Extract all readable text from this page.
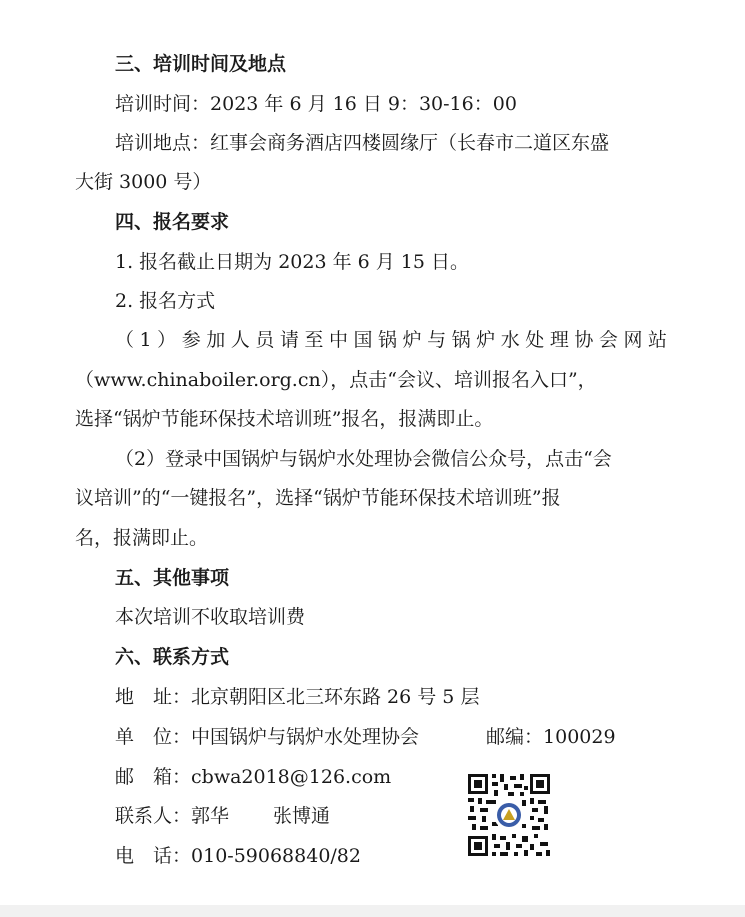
三、培训时间及地点
培训时间：2023 年 6 月 16 日 9：30-16：00
培训地点：红事会商务酒店四楼圆缘厅（长春市二道区东盛
大街 3000 号）
四、报名要求
1. 报名截止日期为 2023 年 6 月 15 日。
2. 报名方式
（1）参加人员请至中国锅炉与锅炉水处理协会网站
（www.chinaboiler.org.cn），点击“会议、培训报名入口”，
选择“锅炉节能环保技术培训班”报名，报满即止。
（2）登录中国锅炉与锅炉水处理协会微信公众号，点击“会
议培训”的“一键报名”，选择“锅炉节能环保技术培训班”报
名，报满即止。
五、其他事项
本次培训不收取培训费
六、联系方式
地　址：北京朝阳区北三环东路 26 号 5 层
单　位：中国锅炉与锅炉水处理协会	邮编：100029
邮　箱：cbwa2018@126.com
联系人：郭华 张博通
电　话：010-59068840/82
